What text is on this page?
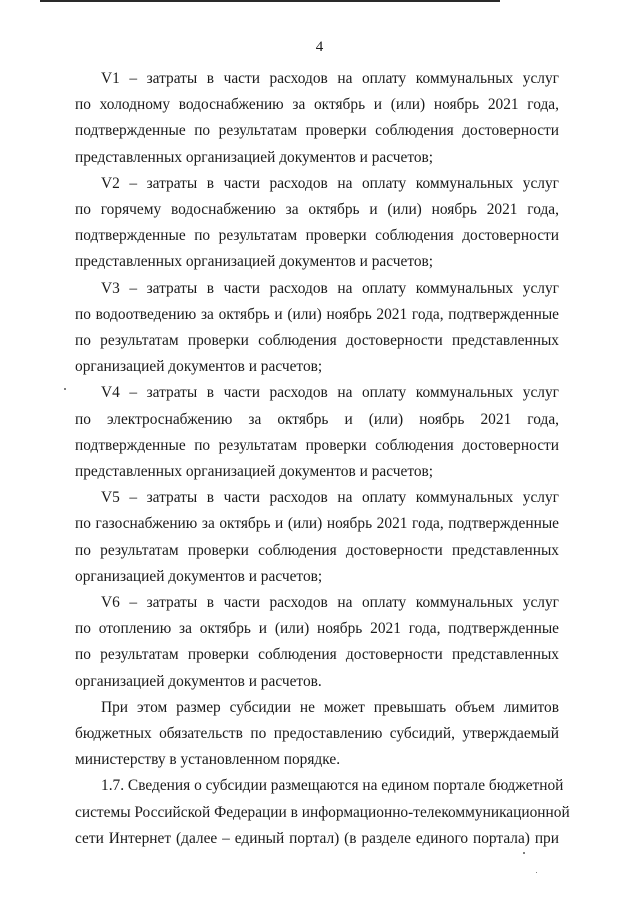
4

V1 – затраты в части расходов на оплату коммунальных услуг
по холодному водоснабжению за октябрь и (или) ноябрь 2021 года,
подтвержденные по результатам проверки соблюдения достоверности
представленных организацией документов и расчетов;

V2 – затраты в части расходов на оплату коммунальных услуг
по горячему водоснабжению за октябрь и (или) ноябрь 2021 года,
подтвержденные по результатам проверки соблюдения достоверности
представленных организацией документов и расчетов;

V3 – затраты в части расходов на оплату коммунальных услуг
по водоотведению за октябрь и (или) ноябрь 2021 года, подтвержденные
по результатам проверки соблюдения достоверности представленных
организацией документов и расчетов;

V4 – затраты в части расходов на оплату коммунальных услуг
по электроснабжению за октябрь и (или) ноябрь 2021 года,
подтвержденные по результатам проверки соблюдения достоверности
представленных организацией документов и расчетов;

V5 – затраты в части расходов на оплату коммунальных услуг
по газоснабжению за октябрь и (или) ноябрь 2021 года, подтвержденные
по результатам проверки соблюдения достоверности представленных
организацией документов и расчетов;

V6 – затраты в части расходов на оплату коммунальных услуг
по отоплению за октябрь и (или) ноябрь 2021 года, подтвержденные
по результатам проверки соблюдения достоверности представленных
организацией документов и расчетов.

При этом размер субсидии не может превышать объем лимитов
бюджетных обязательств по предоставлению субсидий, утверждаемый
министерству в установленном порядке.

1.7. Сведения о субсидии размещаются на едином портале бюджетной
системы Российской Федерации в информационно-телекоммуникационной
сети Интернет (далее – единый портал) (в разделе единого портала) при
